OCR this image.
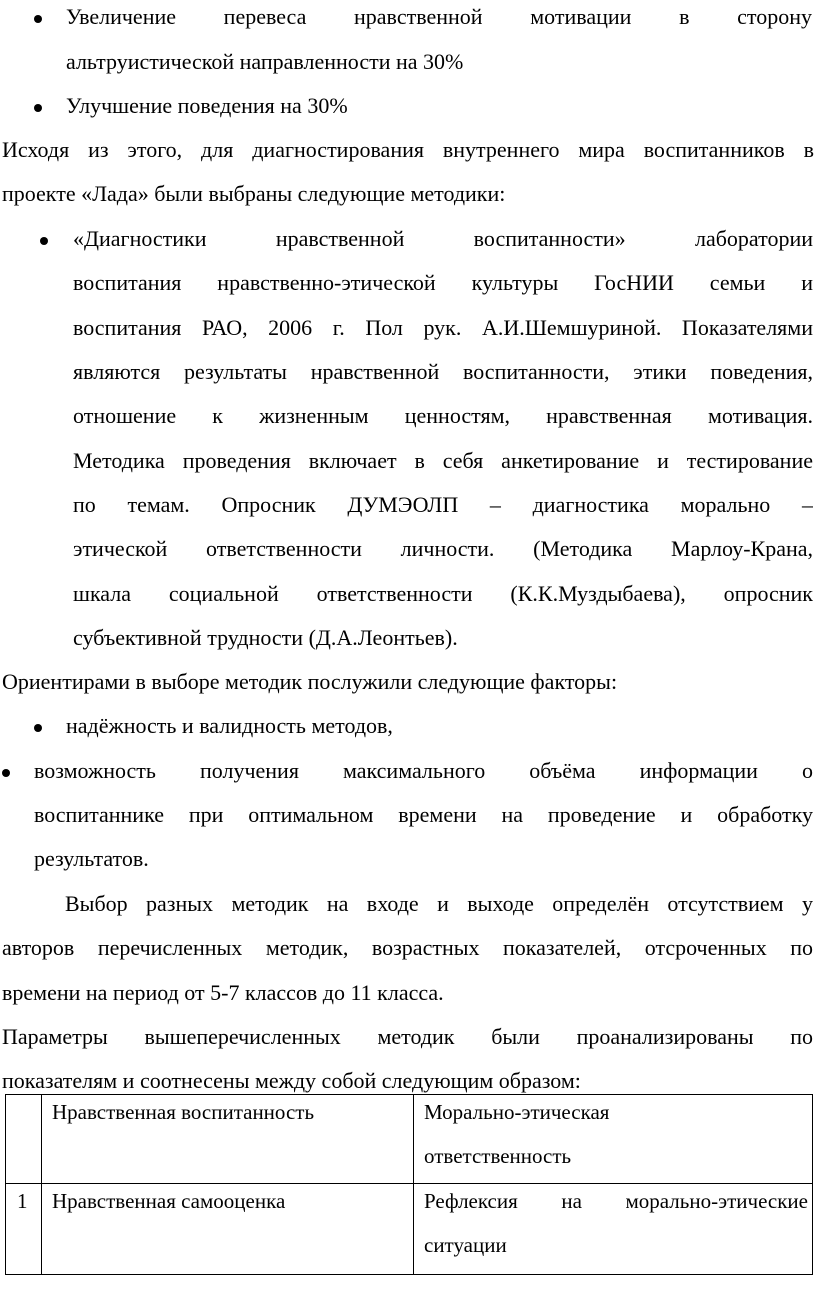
Увеличение перевеса нравственной мотивации в сторону
альтруистической направленности на 30%
Улучшение поведения на 30%
Исходя из этого, для диагностирования внутреннего мира воспитанников в
проекте «Лада» были выбраны следующие методики:
«Диагностики нравственной воспитанности» лаборатории
воспитания нравственно-этической культуры ГосНИИ семьи и
воспитания РАО, 2006 г. Пол рук. А.И.Шемшуриной. Показателями
являются результаты нравственной воспитанности, этики поведения,
отношение к жизненным ценностям, нравственная мотивация.
Методика проведения включает в себя анкетирование и тестирование
по темам. Опросник ДУМЭОЛП – диагностика морально –
этической ответственности личности. (Методика Марлоу-Крана,
шкала социальной ответственности (К.К.Муздыбаева), опросник
субъективной трудности (Д.А.Леонтьев).
Ориентирами в выборе методик послужили следующие факторы:
надёжность и валидность методов,
возможность получения максимального объёма информации о
воспитаннике при оптимальном времени на проведение и обработку
результатов.
Выбор разных методик на входе и выходе определён отсутствием у
авторов перечисленных методик, возрастных показателей, отсроченных по
времени на период от 5-7 классов до 11 класса.
Параметры вышеперечисленных методик были проанализированы по
показателям и соотнесены между собой следующим образом:

	Нравственная воспитанность	Морально-этическая
ответственность

1	Нравственная самооценка	Рефлексия на морально-этические
ситуации
